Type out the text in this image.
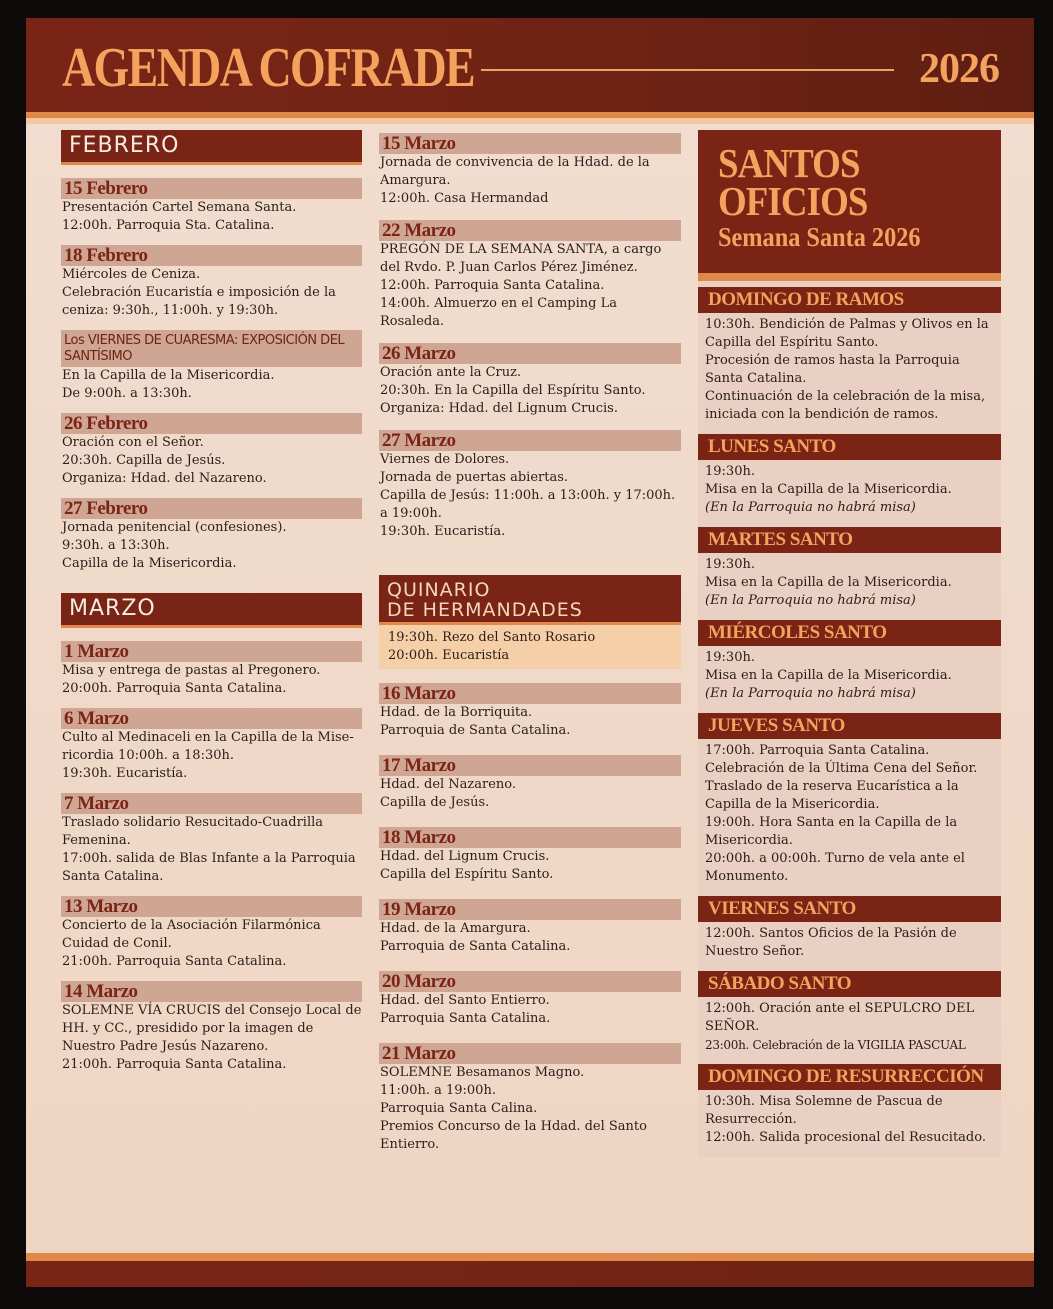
AGENDA COFRADE	2026
FEBRERO
15 Febrero
Presentación Cartel Semana Santa.
12:00h. Parroquia Sta. Catalina.
18 Febrero
Miércoles de Ceniza.
Celebración Eucaristía e imposición de la ceniza: 9:30h., 11:00h. y 19:30h.
Los VIERNES DE CUARESMA: EXPOSICIÓN DEL SANTÍSIMO
En la Capilla de la Misericordia.
De 9:00h. a 13:30h.
26 Febrero
Oración con el Señor.
20:30h. Capilla de Jesús.
Organiza: Hdad. del Nazareno.
27 Febrero
Jornada penitencial (confesiones).
9:30h. a 13:30h.
Capilla de la Misericordia.
MARZO
1 Marzo
Misa y entrega de pastas al Pregonero.
20:00h. Parroquia Santa Catalina.
6 Marzo
Culto al Medinaceli en la Capilla de la Mise-ricordia 10:00h. a 18:30h.
19:30h. Eucaristía.
7 Marzo
Traslado solidario Resucitado-Cuadrilla Femenina.
17:00h. salida de Blas Infante a la Parroquia Santa Catalina.
13 Marzo
Concierto de la Asociación Filarmónica Cuidad de Conil.
21:00h. Parroquia Santa Catalina.
14 Marzo
SOLEMNE VÍA CRUCIS del Consejo Local de HH. y CC., presidido por la imagen de Nuestro Padre Jesús Nazareno.
21:00h. Parroquia Santa Catalina.
15 Marzo
Jornada de convivencia de la Hdad. de la Amargura.
12:00h. Casa Hermandad
22 Marzo
PREGÓN DE LA SEMANA SANTA, a cargo del Rvdo. P. Juan Carlos Pérez Jiménez.
12:00h. Parroquia Santa Catalina.
14:00h. Almuerzo en el Camping La Rosaleda.
26 Marzo
Oración ante la Cruz.
20:30h. En la Capilla del Espíritu Santo.
Organiza: Hdad. del Lignum Crucis.
27 Marzo
Viernes de Dolores.
Jornada de puertas abiertas.
Capilla de Jesús: 11:00h. a 13:00h. y 17:00h. a 19:00h.
19:30h. Eucaristía.
QUINARIO
DE HERMANDADES
19:30h. Rezo del Santo Rosario
20:00h. Eucaristía
16 Marzo
Hdad. de la Borriquita.
Parroquia de Santa Catalina.
17 Marzo
Hdad. del Nazareno.
Capilla de Jesús.
18 Marzo
Hdad. del Lignum Crucis.
Capilla del Espíritu Santo.
19 Marzo
Hdad. de la Amargura.
Parroquia de Santa Catalina.
20 Marzo
Hdad. del Santo Entierro.
Parroquia Santa Catalina.
21 Marzo
SOLEMNE Besamanos Magno.
11:00h. a 19:00h.
Parroquia Santa Calina.
Premios Concurso de la Hdad. del Santo Entierro.
SANTOS OFICIOS
Semana Santa 2026
DOMINGO DE RAMOS
10:30h. Bendición de Palmas y Olivos en la Capilla del Espíritu Santo.
Procesión de ramos hasta la Parroquia Santa Catalina.
Continuación de la celebración de la misa, iniciada con la bendición de ramos.
LUNES SANTO
19:30h.
Misa en la Capilla de la Misericordia.
(En la Parroquia no habrá misa)
MARTES SANTO
19:30h.
Misa en la Capilla de la Misericordia.
(En la Parroquia no habrá misa)
MIÉRCOLES SANTO
19:30h.
Misa en la Capilla de la Misericordia.
(En la Parroquia no habrá misa)
JUEVES SANTO
17:00h. Parroquia Santa Catalina.
Celebración de la Última Cena del Señor.
Traslado de la reserva Eucarística a la Capilla de la Misericordia.
19:00h. Hora Santa en la Capilla de la Misericordia.
20:00h. a 00:00h. Turno de vela ante el Monumento.
VIERNES SANTO
12:00h. Santos Oficios de la Pasión de Nuestro Señor.
SÁBADO SANTO
12:00h. Oración ante el SEPULCRO DEL SEÑOR.
23:00h. Celebración de la VIGILIA PASCUAL
DOMINGO DE RESURRECCIÓN
10:30h. Misa Solemne de Pascua de Resurrección.
12:00h. Salida procesional del Resucitado.
